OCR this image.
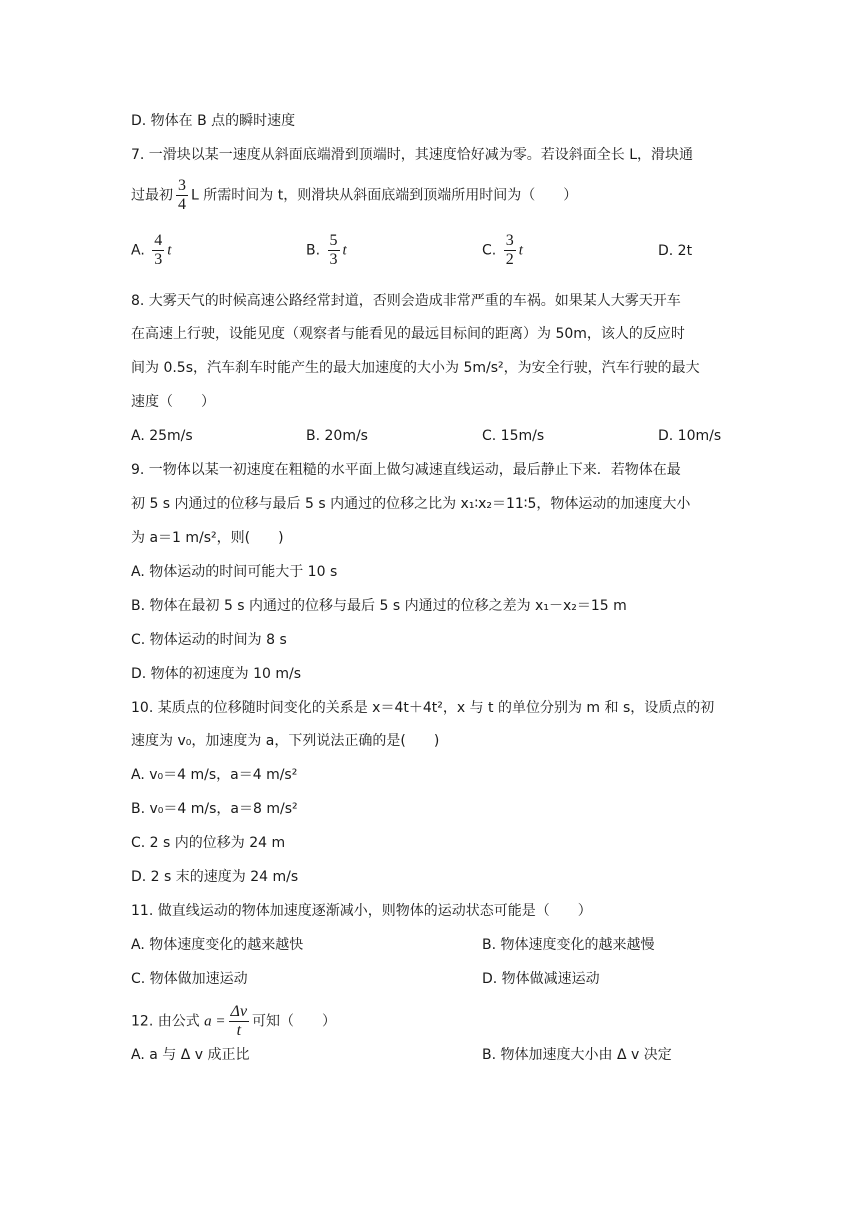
D. 物体在 B 点的瞬时速度
7. 一滑块以某一速度从斜面底端滑到顶端时，其速度恰好减为零。若设斜面全长 L，滑块通
过最初 $\frac{3}{4}$ L 所需时间为 t，则滑块从斜面底端到顶端所用时间为（　　）
A. $\frac{4}{3}$ t	B. $\frac{5}{3}$ t	C. $\frac{3}{2}$ t	D. 2t
8. 大雾天气的时候高速公路经常封道，否则会造成非常严重的车祸。如果某人大雾天开车
在高速上行驶，设能见度（观察者与能看见的最远目标间的距离）为 50m，该人的反应时
间为 0.5s，汽车刹车时能产生的最大加速度的大小为 5m/s²，为安全行驶，汽车行驶的最大
速度（　　）
A. 25m/s	B. 20m/s	C. 15m/s	D. 10m/s
9. 一物体以某一初速度在粗糙的水平面上做匀减速直线运动，最后静止下来．若物体在最
初 5 s 内通过的位移与最后 5 s 内通过的位移之比为 x₁∶x₂＝11∶5，物体运动的加速度大小
为 a＝1 m/s²，则(　　)
A. 物体运动的时间可能大于 10 s
B. 物体在最初 5 s 内通过的位移与最后 5 s 内通过的位移之差为 x₁－x₂＝15 m
C. 物体运动的时间为 8 s
D. 物体的初速度为 10 m/s
10. 某质点的位移随时间变化的关系是 x＝4t＋4t²，x 与 t 的单位分别为 m 和 s，设质点的初
速度为 v₀，加速度为 a，下列说法正确的是(　　)
A. v₀＝4 m/s，a＝4 m/s²
B. v₀＝4 m/s，a＝8 m/s²
C. 2 s 内的位移为 24 m
D. 2 s 末的速度为 24 m/s
11. 做直线运动的物体加速度逐渐减小，则物体的运动状态可能是（　　）
A. 物体速度变化的越来越快	B. 物体速度变化的越来越慢
C. 物体做加速运动	D. 物体做减速运动
12. 由公式 $a = \frac{\Delta v}{t}$ 可知（　　）
A. a 与 Δ v 成正比	B. 物体加速度大小由 Δ v 决定
